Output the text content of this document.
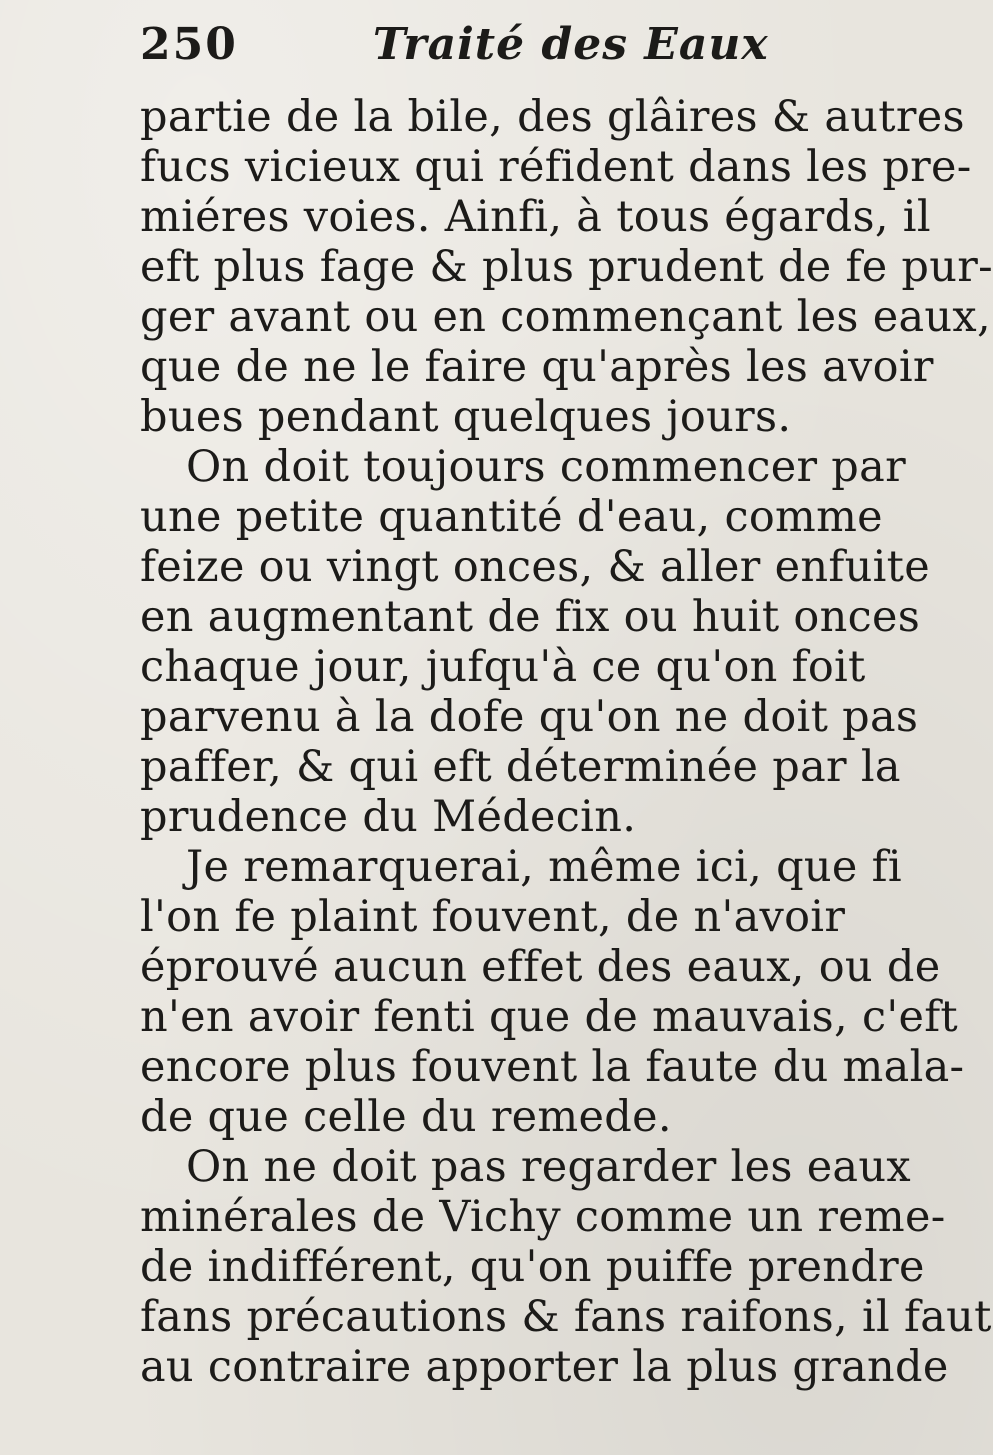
250	Traité des Eaux
partie de la bile, des glâires & autres
fucs vicieux qui réfident dans les pre-
miéres voies. Ainfi, à tous égards, il
eft plus fage & plus prudent de fe pur-
ger avant ou en commençant les eaux,
que de ne le faire qu'après les avoir
bues pendant quelques jours.
On doit toujours commencer par
une petite quantité d'eau, comme
feize ou vingt onces, & aller enfuite
en augmentant de fix ou huit onces
chaque jour, jufqu'à ce qu'on foit
parvenu à la dofe qu'on ne doit pas
paffer, & qui eft déterminée par la
prudence du Médecin.
Je remarquerai, même ici, que fi
l'on fe plaint fouvent, de n'avoir
éprouvé aucun effet des eaux, ou de
n'en avoir fenti que de mauvais, c'eft
encore plus fouvent la faute du mala-
de que celle du remede.
On ne doit pas regarder les eaux
minérales de Vichy comme un reme-
de indifférent, qu'on puiffe prendre
fans précautions & fans raifons, il faut
au contraire apporter la plus grande
